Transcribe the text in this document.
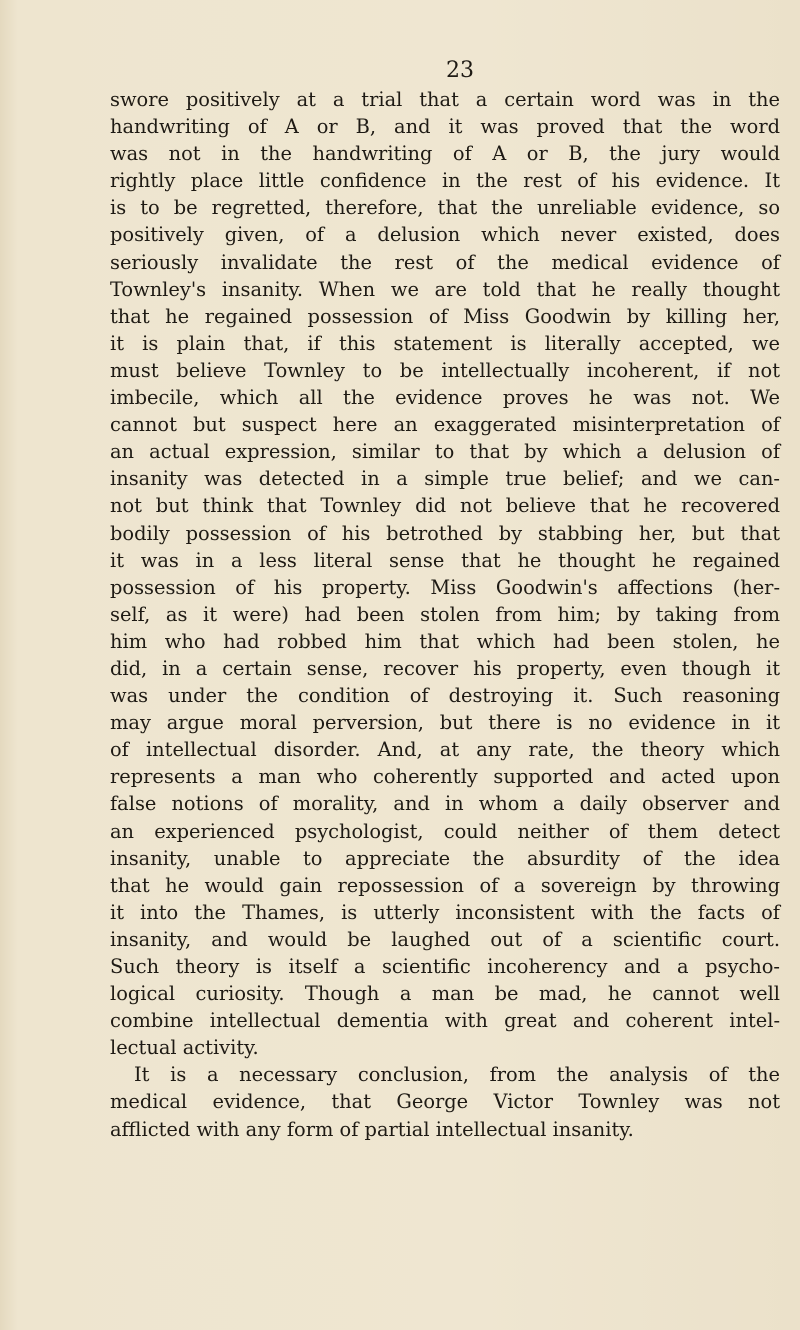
23
swore positively at a trial that a certain word was in the
handwriting of A or B, and it was proved that the word
was not in the handwriting of A or B, the jury would
rightly place little confidence in the rest of his evidence. It
is to be regretted, therefore, that the unreliable evidence, so
positively given, of a delusion which never existed, does
seriously invalidate the rest of the medical evidence of
Townley's insanity. When we are told that he really thought
that he regained possession of Miss Goodwin by killing her,
it is plain that, if this statement is literally accepted, we
must believe Townley to be intellectually incoherent, if not
imbecile, which all the evidence proves he was not. We
cannot but suspect here an exaggerated misinterpretation of
an actual expression, similar to that by which a delusion of
insanity was detected in a simple true belief; and we can-
not but think that Townley did not believe that he recovered
bodily possession of his betrothed by stabbing her, but that
it was in a less literal sense that he thought he regained
possession of his property. Miss Goodwin's affections (her-
self, as it were) had been stolen from him; by taking from
him who had robbed him that which had been stolen, he
did, in a certain sense, recover his property, even though it
was under the condition of destroying it. Such reasoning
may argue moral perversion, but there is no evidence in it
of intellectual disorder. And, at any rate, the theory which
represents a man who coherently supported and acted upon
false notions of morality, and in whom a daily observer and
an experienced psychologist, could neither of them detect
insanity, unable to appreciate the absurdity of the idea
that he would gain repossession of a sovereign by throwing
it into the Thames, is utterly inconsistent with the facts of
insanity, and would be laughed out of a scientific court.
Such theory is itself a scientific incoherency and a psycho-
logical curiosity. Though a man be mad, he cannot well
combine intellectual dementia with great and coherent intel-
lectual activity.
It is a necessary conclusion, from the analysis of the
medical evidence, that George Victor Townley was not
afflicted with any form of partial intellectual insanity.
